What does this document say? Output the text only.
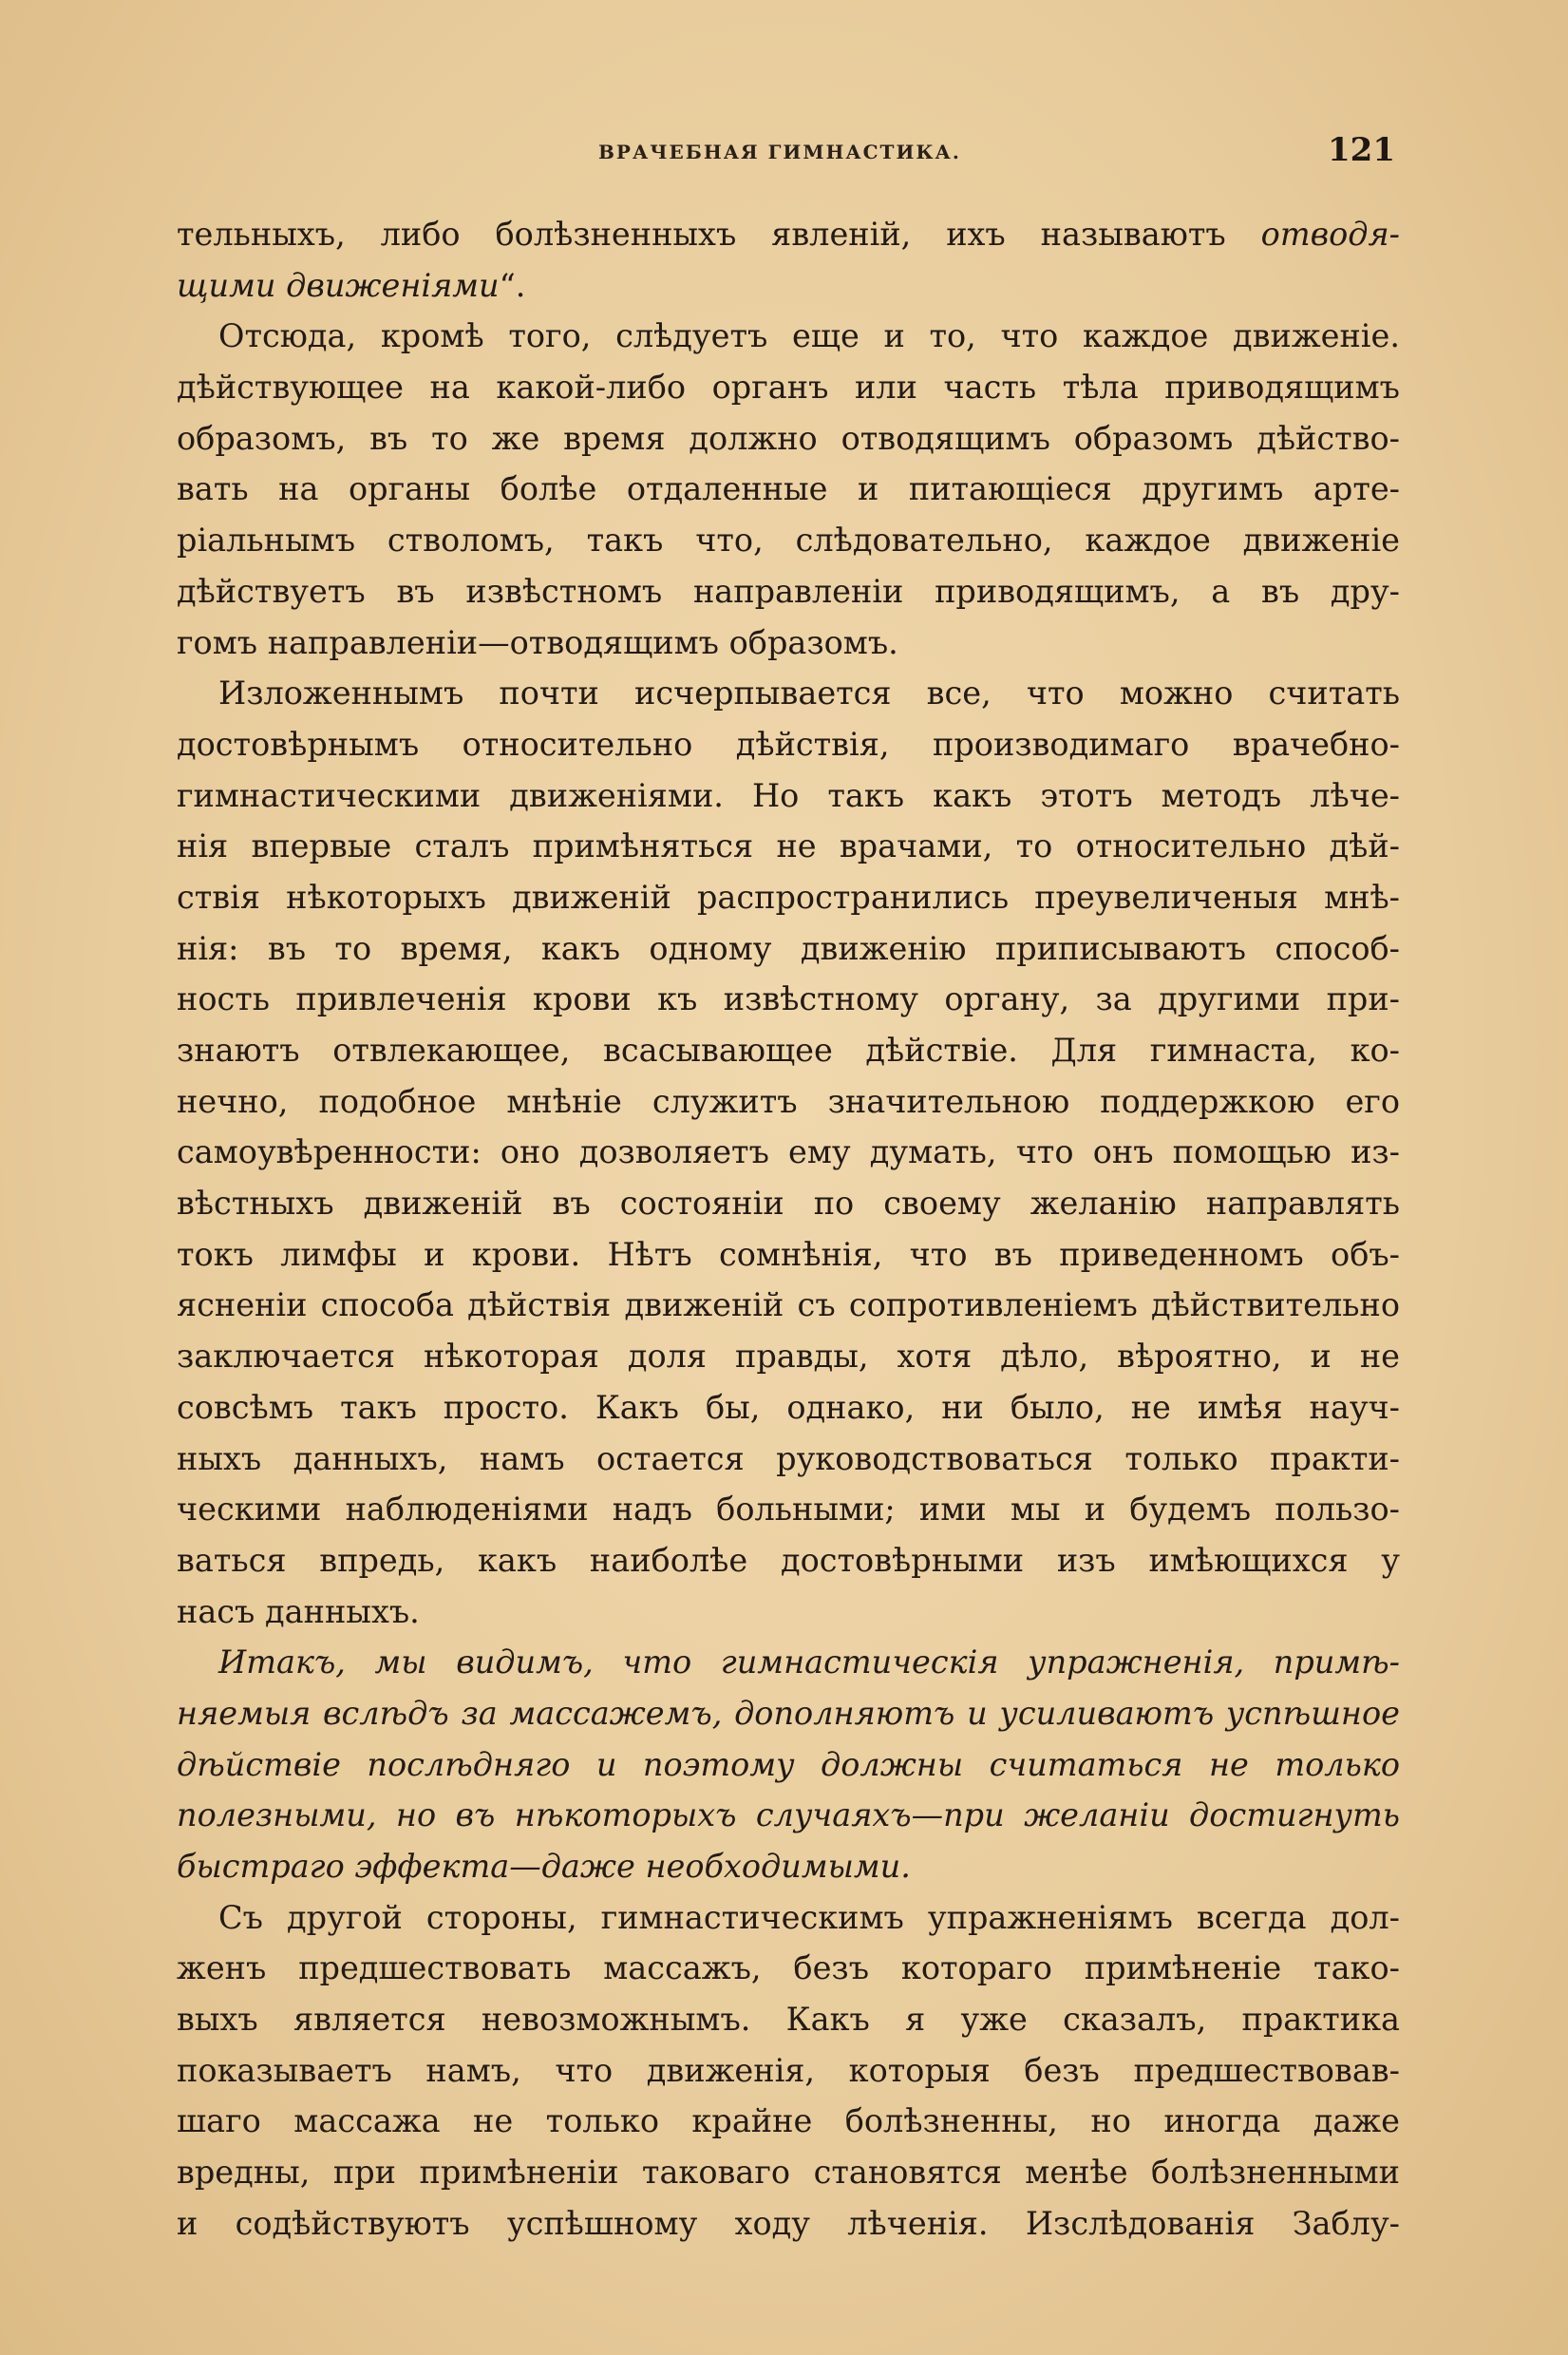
ВРАЧЕБНАЯ ГИМНАСТИКА.	121
тельныхъ, либо болѣзненныхъ явленій, ихъ называютъ отводя-
щими движеніями“.
Отсюда, кромѣ того, слѣдуетъ еще и то, что каждое движеніе.
дѣйствующее на какой-либо органъ или часть тѣла приводящимъ
образомъ, въ то же время должно отводящимъ образомъ дѣйство-
вать на органы болѣе отдаленные и питающіеся другимъ арте-
ріальнымъ стволомъ, такъ что, слѣдовательно, каждое движеніе
дѣйствуетъ въ извѣстномъ направленіи приводящимъ, а въ дру-
гомъ направленіи—отводящимъ образомъ.
Изложеннымъ почти исчерпывается все, что можно считать
достовѣрнымъ относительно дѣйствія, производимаго врачебно-
гимнастическими движеніями. Но такъ какъ этотъ методъ лѣче-
нія впервые сталъ примѣняться не врачами, то относительно дѣй-
ствія нѣкоторыхъ движеній распространились преувеличеныя мнѣ-
нія: въ то время, какъ одному движенію приписываютъ способ-
ность привлеченія крови къ извѣстному органу, за другими при-
знаютъ отвлекающее, всасывающее дѣйствіе. Для гимнаста, ко-
нечно, подобное мнѣніе служитъ значительною поддержкою его
самоувѣренности: оно дозволяетъ ему думать, что онъ помощью из-
вѣстныхъ движеній въ состояніи по своему желанію направлять
токъ лимфы и крови. Нѣтъ сомнѣнія, что въ приведенномъ объ-
ясненіи способа дѣйствія движеній съ сопротивленіемъ дѣйствительно
заключается нѣкоторая доля правды, хотя дѣло, вѣроятно, и не
совсѣмъ такъ просто. Какъ бы, однако, ни было, не имѣя науч-
ныхъ данныхъ, намъ остается руководствоваться только практи-
ческими наблюденіями надъ больными; ими мы и будемъ пользо-
ваться впредь, какъ наиболѣе достовѣрными изъ имѣющихся у
насъ данныхъ.
Итакъ, мы видимъ, что гимнастическія упражненія, примѣ-
няемыя вслѣдъ за массажемъ, дополняютъ и усиливаютъ успѣшное
дѣйствіе послѣдняго и поэтому должны считаться не только
полезными, но въ нѣкоторыхъ случаяхъ—при желаніи достигнуть
быстраго эффекта—даже необходимыми.
Съ другой стороны, гимнастическимъ упражненіямъ всегда дол-
женъ предшествовать массажъ, безъ котораго примѣненіе тако-
выхъ является невозможнымъ. Какъ я уже сказалъ, практика
показываетъ намъ, что движенія, которыя безъ предшествовав-
шаго массажа не только крайне болѣзненны, но иногда даже
вредны, при примѣненіи таковаго становятся менѣе болѣзненными
и содѣйствуютъ успѣшному ходу лѣченія. Изслѣдованія Заблу-
